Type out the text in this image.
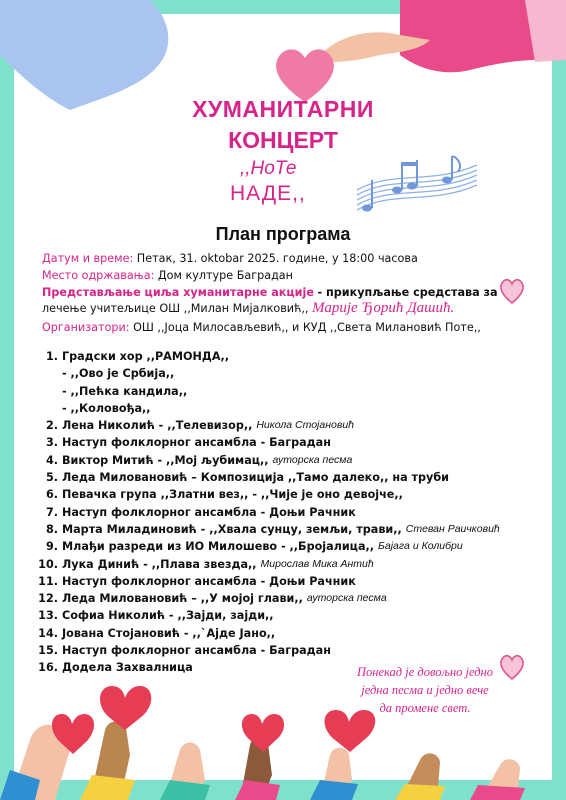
ХУМАНИТАРНИ
КОНЦЕРТ
,,НоТе
НАДЕ,,
План програма
Датум и време: Петак, 31. oktobar 2025. године, у 18:00 часова
Место одржавања: Дом културе Баградан
Представљање циља хуманитарне акције - прикупљање средстава за
лечење учитељице ОШ ,,Милан Мијалковић,, Марије Ђорић Дашић.
Организатори: ОШ ,,Јоца Милосављевић,, и КУД ,,Света Милановић Поте,,
1. Градски хор ,,РАМОНДА,,
- ,,Ово је Србија,,
- ,,Пећка кандила,,
- ,,Коловођа,,
2. Лена Николић - ,,Телевизор,, Никола Стојановић
3. Наступ фолклорног ансамбла - Баградан
4. Виктор Митић - ,,Мој љубимац,, ауторска песма
5. Леда Миловановић – Композиција ,,Тамо далеко,, на труби
6. Певачка група ,,Златни вез,, - ,,Чије је оно девојче,,
7. Наступ фолклорног ансамбла - Доњи Рачник
8. Марта Миладиновић - ,,Хвала сунцу, земљи, трави,, Стеван Раичковић
9. Млађи разреди из ИО Милошево - ,,Бројалица,, Бајагa и Колибри
10. Лука Динић - ,,Плава звезда,, Мирослав Мика Антић
11. Наступ фолклорног ансамбла - Доњи Рачник
12. Леда Миловановић – ,,У мојој глави,, ауторска песма
13. Софиа Николић - ,,Заjди, заjди,,
14. Јована Стојановић - ,,`Аjде Јано,,
15. Наступ фолклорног ансамбла - Баградан
16. Додела Захвалница	Понекад је довољно једно
једна песма и једно вече
да промене свет.
